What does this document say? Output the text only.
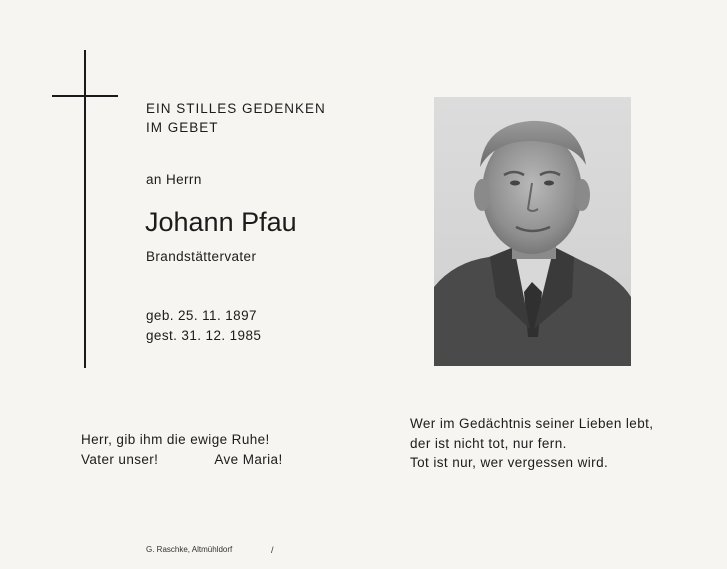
EIN STILLES GEDENKEN
IM GEBET
an Herrn
Johann Pfau
Brandstättervater
geb. 25. 11. 1897
gest. 31. 12. 1985
Herr, gib ihm die ewige Ruhe!
Vater unser!	Ave Maria!
Wer im Gedächtnis seiner Lieben lebt,
der ist nicht tot, nur fern.
Tot ist nur, wer vergessen wird.
G. Raschke, Altmühldorf	/
